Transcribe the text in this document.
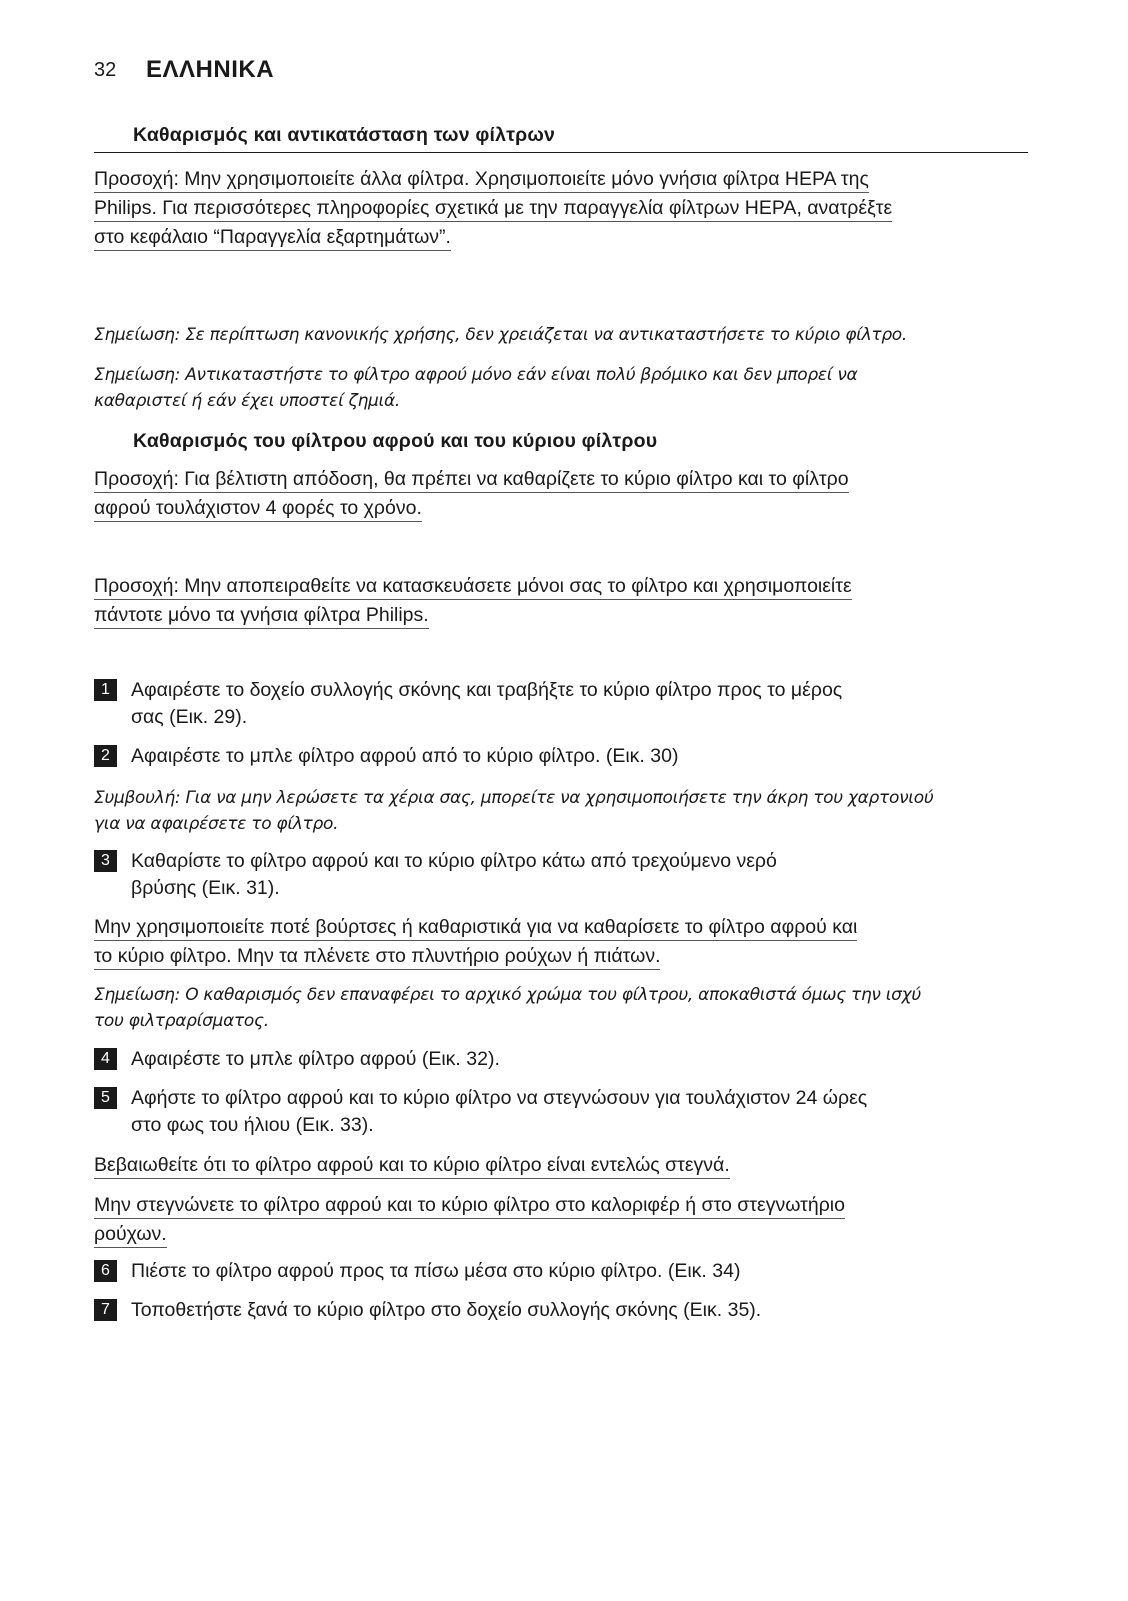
32 ΕΛΛΗΝΙΚΑ
Καθαρισμός και αντικατάσταση των φίλτρων
Προσοχή: Μην χρησιμοποιείτε άλλα φίλτρα. Χρησιμοποιείτε μόνο γνήσια φίλτρα HEPA της
Philips. Για περισσότερες πληροφορίες σχετικά με την παραγγελία φίλτρων HEPA, ανατρέξτε
στο κεφάλαιο “Παραγγελία εξαρτημάτων”.
Σημείωση: Σε περίπτωση κανονικής χρήσης, δεν χρειάζεται να αντικαταστήσετε το κύριο φίλτρο.
Σημείωση: Αντικαταστήστε το φίλτρο αφρού μόνο εάν είναι πολύ βρόμικο και δεν μπορεί να
καθαριστεί ή εάν έχει υποστεί ζημιά.
Καθαρισμός του φίλτρου αφρού και του κύριου φίλτρου
Προσοχή: Για βέλτιστη απόδοση, θα πρέπει να καθαρίζετε το κύριο φίλτρο και το φίλτρο
αφρού τουλάχιστον 4 φορές το χρόνο.
Προσοχή: Μην αποπειραθείτε να κατασκευάσετε μόνοι σας το φίλτρο και χρησιμοποιείτε
πάντοτε μόνο τα γνήσια φίλτρα Philips.
1	Αφαιρέστε το δοχείο συλλογής σκόνης και τραβήξτε το κύριο φίλτρο προς το μέρος
σας (Εικ. 29).
2	Αφαιρέστε το μπλε φίλτρο αφρού από το κύριο φίλτρο. (Εικ. 30)
Συμβουλή: Για να μην λερώσετε τα χέρια σας, μπορείτε να χρησιμοποιήσετε την άκρη του χαρτονιού
για να αφαιρέσετε το φίλτρο.
3	Καθαρίστε το φίλτρο αφρού και το κύριο φίλτρο κάτω από τρεχούμενο νερό
βρύσης (Εικ. 31).
Μην χρησιμοποιείτε ποτέ βούρτσες ή καθαριστικά για να καθαρίσετε το φίλτρο αφρού και
το κύριο φίλτρο. Μην τα πλένετε στο πλυντήριο ρούχων ή πιάτων.
Σημείωση: Ο καθαρισμός δεν επαναφέρει το αρχικό χρώμα του φίλτρου, αποκαθιστά όμως την ισχύ
του φιλτραρίσματος.
4	Αφαιρέστε το μπλε φίλτρο αφρού (Εικ. 32).
5	Αφήστε το φίλτρο αφρού και το κύριο φίλτρο να στεγνώσουν για τουλάχιστον 24 ώρες
στο φως του ήλιου (Εικ. 33).
Βεβαιωθείτε ότι το φίλτρο αφρού και το κύριο φίλτρο είναι εντελώς στεγνά.
Μην στεγνώνετε το φίλτρο αφρού και το κύριο φίλτρο στο καλοριφέρ ή στο στεγνωτήριο
ρούχων.
6	Πιέστε το φίλτρο αφρού προς τα πίσω μέσα στο κύριο φίλτρο. (Εικ. 34)
7	Τοποθετήστε ξανά το κύριο φίλτρο στο δοχείο συλλογής σκόνης (Εικ. 35).
